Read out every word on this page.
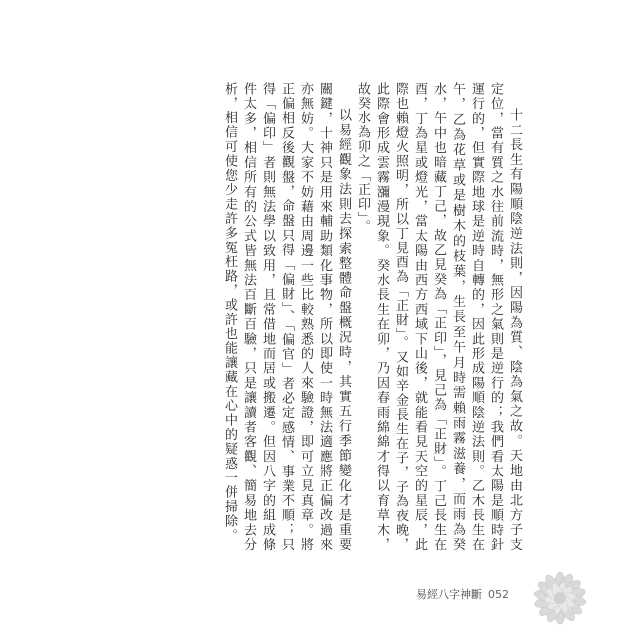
十二長生有陽順陰逆法則，因陽為質、陰為氣之故。天地由北方子支定位，當有質之水往前流時，無形之氣則是逆行的；我們看太陽是順時針運行的，但實際地球是逆時自轉的，因此形成陽順陰逆法則。乙木長生在午，乙為花草或是樹木的枝葉，生長至午月時需賴雨霧滋養，而雨為癸水，午中也暗藏丁己，故乙見癸為「正印」，見己為「正財」。丁己長生在酉，丁為星或燈光，當太陽由西方西域下山後，就能看見天空的星辰，此際也賴燈火照明，所以丁見酉為「正財」。又如辛金長生在子，子為夜晚，此際會形成雲霧瀰漫現象。癸水長生在卯，乃因春雨綿綿才得以育草木，故癸水為卯之「正印」。

以易經觀象法則去探索整體命盤概況時，其實五行季節變化才是重要關鍵，十神只是用來輔助類化事物，所以即使一時無法適應將正偏改過來亦無妨。大家不妨藉由周邊一些比較熟悉的人來驗證，即可立見真章。將正偏相反後觀盤，命盤只得「偏財」、「偏官」者必定感情、事業不順；只得「偏印」者則無法學以致用，且常借地而居或搬遷。但因八字的組成條件太多，相信所有的公式皆無法百斷百驗，只是讓讀者客觀、簡易地去分析，相信可使您少走許多冤枉路，或許也能讓藏在心中的疑惑一併掃除。

易經八字神斷 052
